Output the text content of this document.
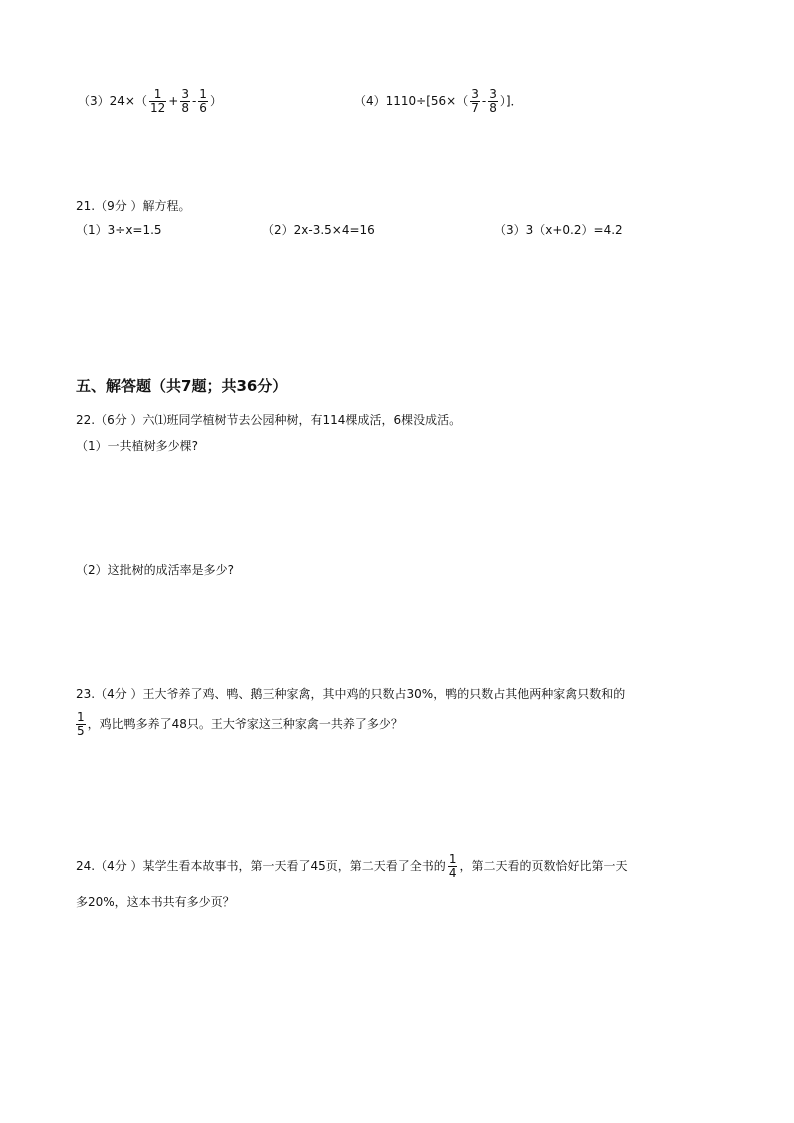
$(3)24\times( \frac{1}{12} + \frac{3}{8} - \frac{1}{6}$ ）	$(4)1110\div[56\times( \frac{3}{7} - \frac{3}{8}$ ）]．
21.（9分 ）解方程。
（1）3÷x=1.5	（2）2x-3.5×4=16	（3）3（x+0.2）=4.2
五、解答题（共7题；共36分）
22.（6分 ）六⑴班同学植树节去公园种树，有114棵成活，6棵没成活。
（1）一共植树多少棵?
（2）这批树的成活率是多少?
23.（4分 ）王大爷养了鸡、鸭、鹅三种家禽，其中鸡的只数占30%，鸭的只数占其他两种家禽只数和的
$\frac{1}{5}$ ，鸡比鸭多养了48只。王大爷家这三种家禽一共养了多少？
24.（4分 ）某学生看本故事书，第一天看了45页，第二天看了全书的 $\frac{1}{4}$ ，第二天看的页数恰好比第一天
多20%，这本书共有多少页？
